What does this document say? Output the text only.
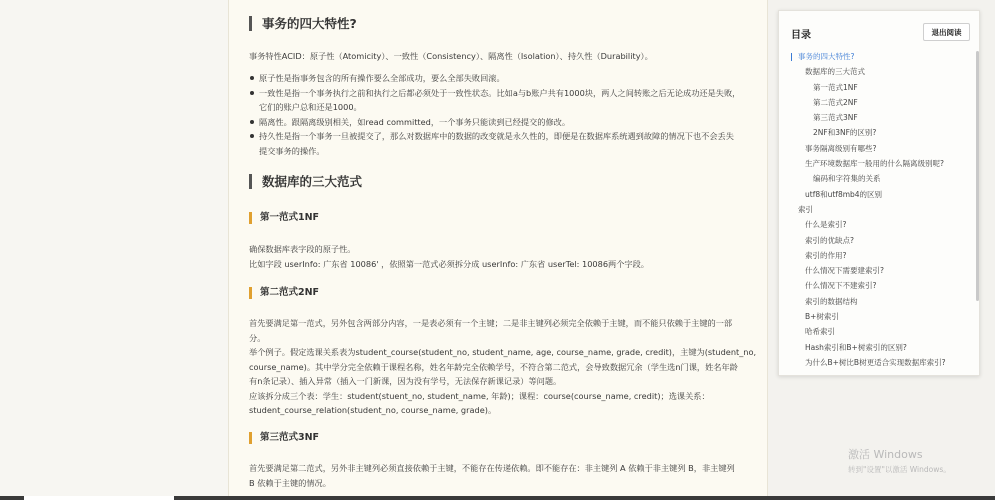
事务的四大特性?
事务特性ACID：原子性（Atomicity）、一致性（Consistency）、隔离性（Isolation）、持久性（Durability）。
原子性是指事务包含的所有操作要么全部成功，要么全部失败回滚。
一致性是指一个事务执行之前和执行之后都必须处于一致性状态。比如a与b账户共有1000块，两人之间转账之后无论成功还是失败，
它们的账户总和还是1000。
隔离性。跟隔离级别相关，如read committed，一个事务只能读到已经提交的修改。
持久性是指一个事务一旦被提交了，那么对数据库中的数据的改变就是永久性的，即便是在数据库系统遇到故障的情况下也不会丢失
提交事务的操作。
数据库的三大范式
第一范式1NF
确保数据库表字段的原子性。
比如字段 userInfo: 广东省 10086' ，依照第一范式必须拆分成 userInfo: 广东省 userTel: 10086两个字段。
第二范式2NF
首先要满足第一范式，另外包含两部分内容，一是表必须有一个主键；二是非主键列必须完全依赖于主键，而不能只依赖于主键的一部
分。
举个例子。假定选课关系表为student_course(student_no, student_name, age, course_name, grade, credit)，主键为(student_no,
course_name)。其中学分完全依赖于课程名称，姓名年龄完全依赖学号，不符合第二范式，会导致数据冗余（学生选n门课，姓名年龄
有n条记录）、插入异常（插入一门新课，因为没有学号，无法保存新课记录）等问题。
应该拆分成三个表：学生：student(stuent_no, student_name, 年龄)；课程：course(course_name, credit)；选课关系：
student_course_relation(student_no, course_name, grade)。
第三范式3NF
首先要满足第二范式，另外非主键列必须直接依赖于主键，不能存在传递依赖。即不能存在：非主键列 A 依赖于非主键列 B，非主键列
B 依赖于主键的情况。
目录	退出阅读
事务的四大特性?
数据库的三大范式
第一范式1NF
第二范式2NF
第三范式3NF
2NF和3NF的区别?
事务隔离级别有哪些?
生产环境数据库一般用的什么隔离级别呢?
编码和字符集的关系
utf8和utf8mb4的区别
索引
什么是索引?
索引的优缺点?
索引的作用?
什么情况下需要建索引?
什么情况下不建索引?
索引的数据结构
B+树索引
哈希索引
Hash索引和B+树索引的区别?
为什么B+树比B树更适合实现数据库索引?
激活 Windows
转到"设置"以激活 Windows。
